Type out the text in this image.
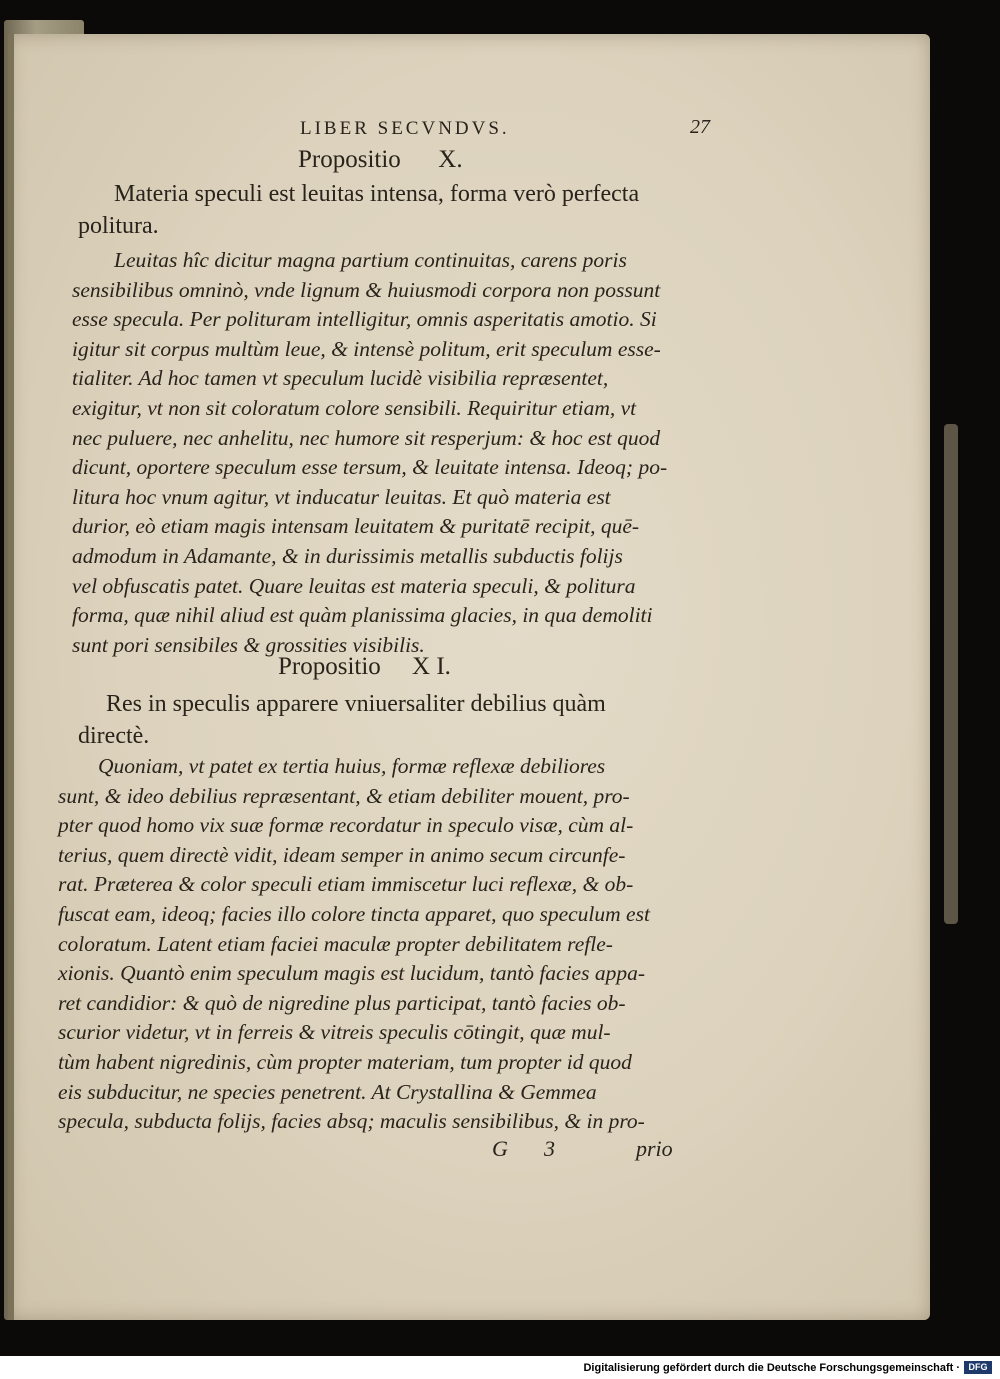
LIBER SECVNDVS.	27
Propositio      X.
Materia speculi est leuitas intensa, forma verò perfecta
politura.
Leuitas hîc dicitur magna partium continuitas, carens poris
sensibilibus omninò, vnde lignum & huiusmodi corpora non possunt
esse specula. Per polituram intelligitur, omnis asperitatis amotio. Si
igitur sit corpus multùm leue, & intensè politum, erit speculum esse-
tialiter. Ad hoc tamen vt speculum lucidè visibilia repræsentet,
exigitur, vt non sit coloratum colore sensibili. Requiritur etiam, vt
nec puluere, nec anhelitu, nec humore sit resperjum: & hoc est quod
dicunt, oportere speculum esse tersum, & leuitate intensa. Ideoq; po-
litura hoc vnum agitur, vt inducatur leuitas. Et quò materia est
durior, eò etiam magis intensam leuitatem & puritatē recipit, quē-
admodum in Adamante, & in durissimis metallis subductis folijs
vel obfuscatis patet. Quare leuitas est materia speculi, & politura
forma, quæ nihil aliud est quàm planissima glacies, in qua demoliti
sunt pori sensibiles & grossities visibilis.
Propositio     X I.
Res in speculis apparere vniuersaliter debilius quàm
directè.
Quoniam, vt patet ex tertia huius, formæ reflexæ debiliores
sunt, & ideo debilius repræsentant, & etiam debiliter mouent, pro-
pter quod homo vix suæ formæ recordatur in speculo visæ, cùm al-
terius, quem directè vidit, ideam semper in animo secum circunfe-
rat. Præterea & color speculi etiam immiscetur luci reflexæ, & ob-
fuscat eam, ideoq; facies illo colore tincta apparet, quo speculum est
coloratum. Latent etiam faciei maculæ propter debilitatem refle-
xionis. Quantò enim speculum magis est lucidum, tantò facies appa-
ret candidior: & quò de nigredine plus participat, tantò facies ob-
scurior videtur, vt in ferreis & vitreis speculis cōtingit, quæ mul-
tùm habent nigredinis, cùm propter materiam, tum propter id quod
eis subducitur, ne species penetrent. At Crystallina & Gemmea
specula, subducta folijs, facies absq; maculis sensibilibus, & in pro-
G 3	prio
Digitalisierung gefördert durch die Deutsche Forschungsgemeinschaft · DFG
